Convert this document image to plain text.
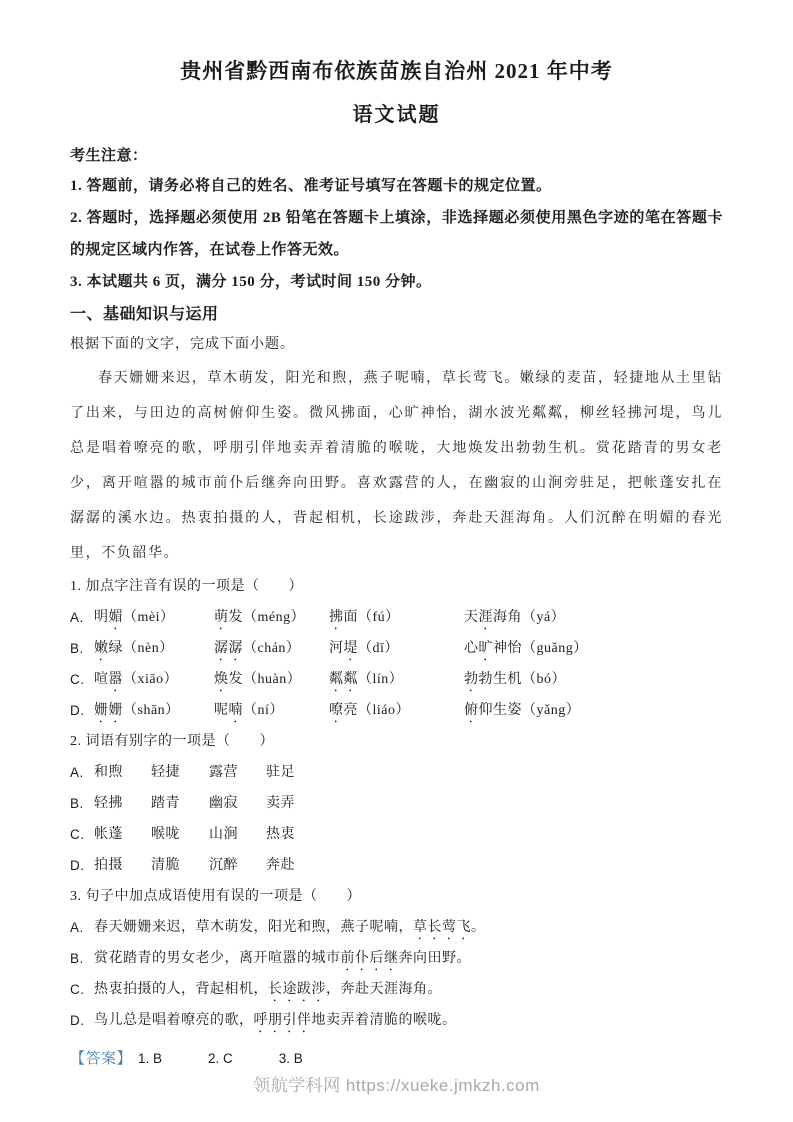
贵州省黔西南布依族苗族自治州 2021 年中考
语文试题
考生注意：

1. 答题前，请务必将自己的姓名、准考证号填写在答题卡的规定位置。

2. 答题时，选择题必须使用 2B 铅笔在答题卡上填涂，非选择题必须使用黑色字迹的笔在答题卡的规定区域内作答，在试卷上作答无效。

3. 本试题共 6 页，满分 150 分，考试时间 150 分钟。

一、基础知识与运用

根据下面的文字，完成下面小题。

春天姗姗来迟，草木萌发，阳光和煦，燕子呢喃，草长莺飞。嫩绿的麦苗，轻捷地从土里钻了出来，与田边的高树俯仰生姿。微风拂面，心旷神怡，湖水波光粼粼，柳丝轻拂河堤，鸟儿总是唱着嘹亮的歌，呼朋引伴地卖弄着清脆的喉咙，大地焕发出勃勃生机。赏花踏青的男女老少，离开喧嚣的城市前仆后继奔向田野。喜欢露营的人，在幽寂的山涧旁驻足，把帐蓬安扎在潺潺的溪水边。热衷拍摄的人，背起相机，长途跋涉，奔赴天涯海角。人们沉醉在明媚的春光里，不负韶华。

1. 加点字注音有误的一项是（　　）

A. 明媚（mèi）	萌发（méng）	拂面（fú）	天涯海角（yá）
B. 嫩绿（nèn）	潺潺（chán）	河堤（dī）	心旷神怡（guǎng）
C. 喧嚣（xiāo）	焕发（huàn）	粼粼（lín）	勃勃生机（bó）
D. 姗姗（shān）	呢喃（ní）	嘹亮（liáo）	俯仰生姿（yǎng）

2. 词语有别字的一项是（　　）

A. 和煦	轻捷	露营	驻足
B. 轻拂	踏青	幽寂	卖弄
C. 帐蓬	喉咙	山涧	热衷
D. 拍摄	清脆	沉醉	奔赴

3. 句子中加点成语使用有误的一项是（　　）

A. 春天姗姗来迟，草木萌发，阳光和煦，燕子呢喃，草长莺飞。
B. 赏花踏青的男女老少，离开喧嚣的城市前仆后继奔向田野。
C. 热衷拍摄的人，背起相机，长途跋涉，奔赴天涯海角。
D. 鸟儿总是唱着嘹亮的歌，呼朋引伴地卖弄着清脆的喉咙。
【答案】 1. B	2. C	3. B
领航学科网 https://xueke.jmkzh.com
